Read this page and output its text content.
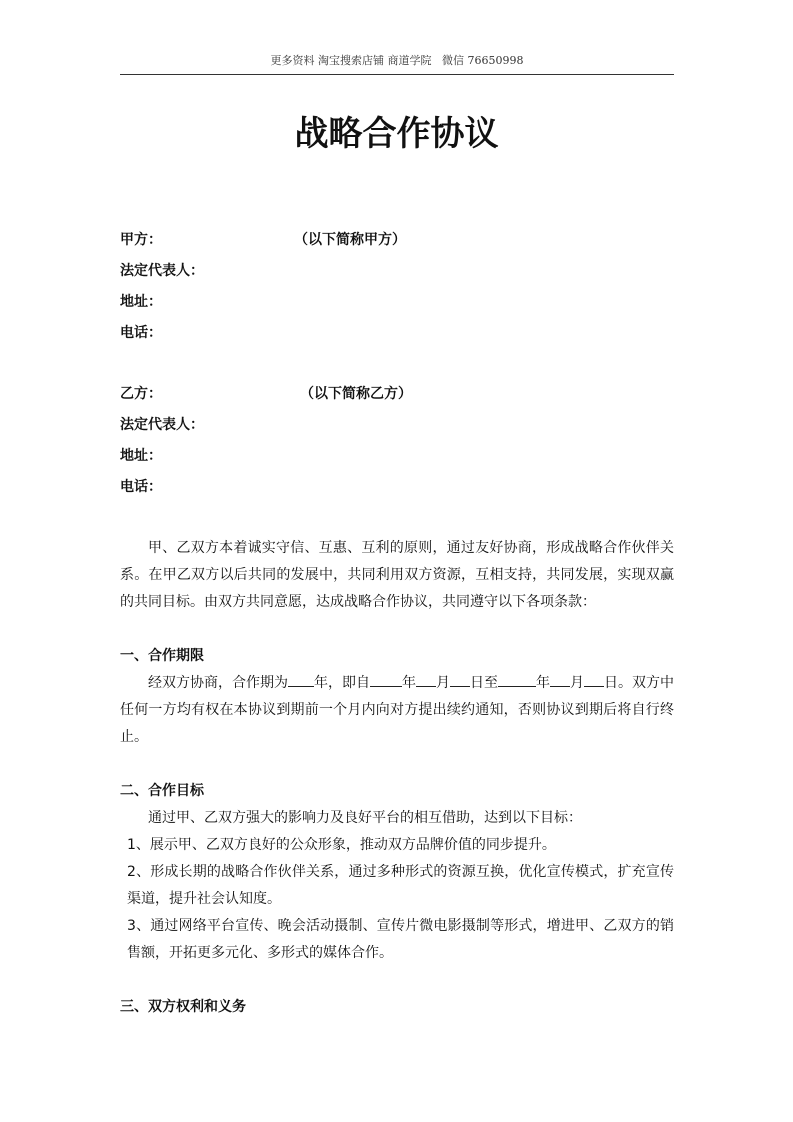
更多资料 淘宝搜索店铺 商道学院   微信 76650998
战略合作协议
甲方：	（以下简称甲方）
法定代表人：
地址：
电话：
乙方：	（以下简称乙方）
法定代表人：
地址：
电话：

甲、乙双方本着诚实守信、互惠、互利的原则，通过友好协商，形成战略合作伙伴关系。在甲乙双方以后共同的发展中，共同利用双方资源，互相支持，共同发展，实现双赢的共同目标。由双方共同意愿，达成战略合作协议，共同遵守以下各项条款：

一、合作期限

经双方协商，合作期为 年，即自 年 月 日至	年 月 日。双方中任何一方均有权在本协议到期前一个月内向对方提出续约通知，否则协议到期后将自行终止。

二、合作目标

通过甲、乙双方强大的影响力及良好平台的相互借助，达到以下目标：

1、展示甲、乙双方良好的公众形象，推动双方品牌价值的同步提升。

2、形成长期的战略合作伙伴关系，通过多种形式的资源互换，优化宣传模式，扩充宣传渠道，提升社会认知度。

3、通过网络平台宣传、晚会活动摄制、宣传片微电影摄制等形式，增进甲、乙双方的销售额，开拓更多元化、多形式的媒体合作。

三、双方权利和义务
